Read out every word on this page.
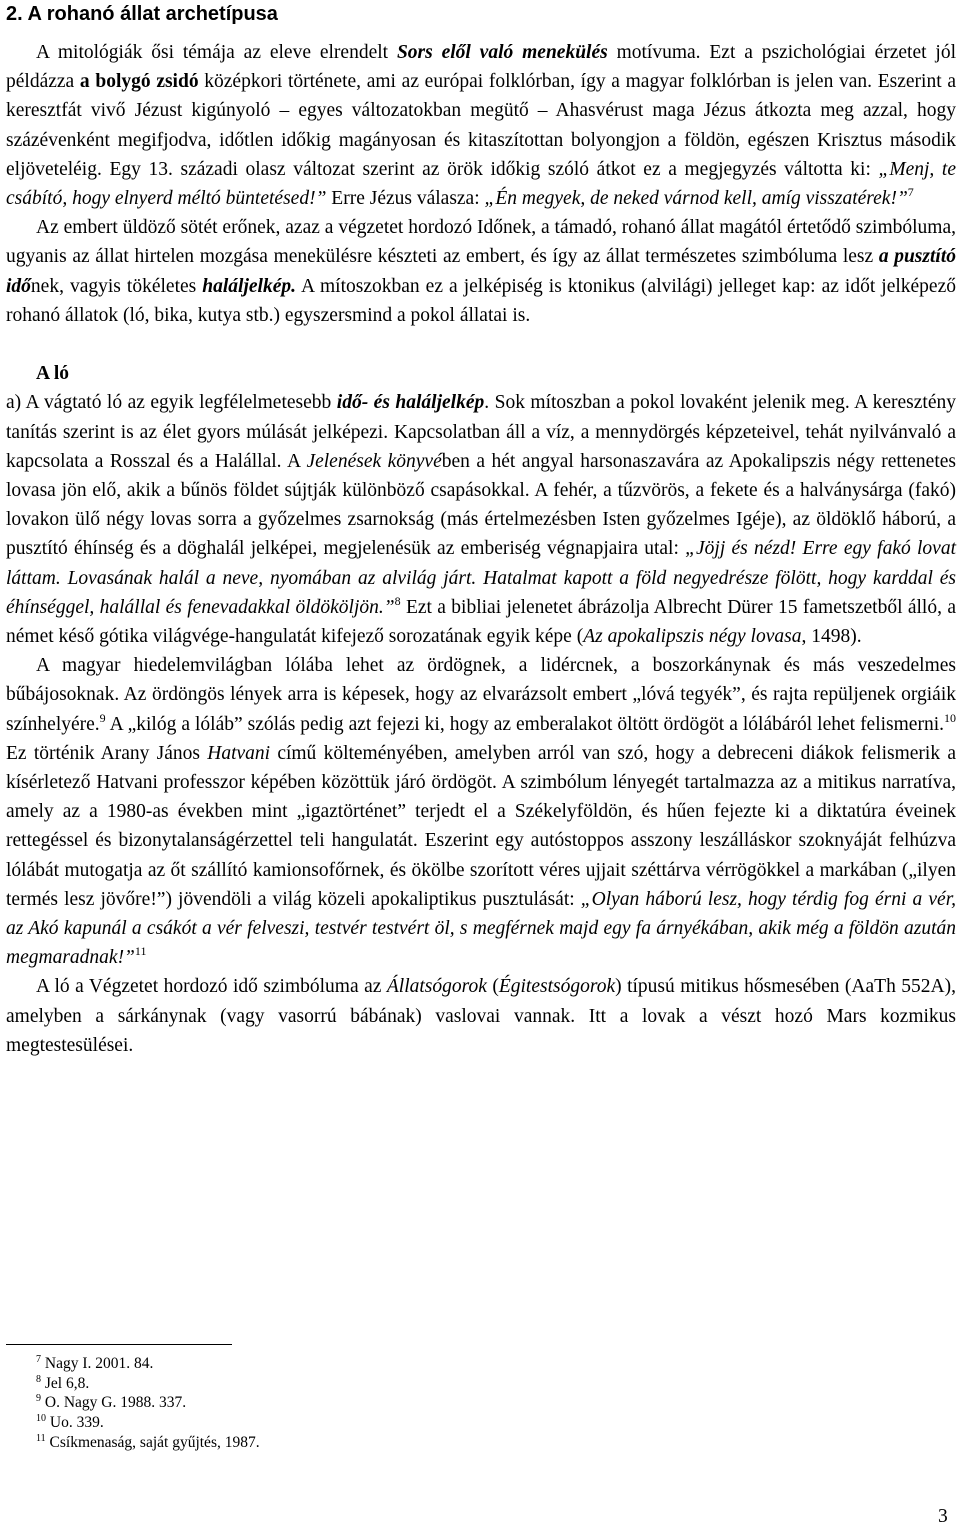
2. A rohanó állat archetípusa

A mitológiák ősi témája az eleve elrendelt Sors elől való menekülés motívuma. Ezt a pszichológiai érzetet jól példázza a bolygó zsidó középkori története, ami az európai folklórban, így a magyar folklórban is jelen van. Eszerint a keresztfát vivő Jézust kigúnyoló – egyes változatokban megütő – Ahasvérust maga Jézus átkozta meg azzal, hogy százévenként megifjodva, időtlen időkig magányosan és kitaszítottan bolyongjon a földön, egészen Krisztus második eljöveteléig. Egy 13. századi olasz változat szerint az örök időkig szóló átkot ez a megjegyzés váltotta ki: „Menj, te csábító, hogy elnyerd méltó büntetésed!” Erre Jézus válasza: „Én megyek, de neked várnod kell, amíg visszatérek!”$^7$

Az embert üldöző sötét erőnek, azaz a végzetet hordozó Időnek, a támadó, rohanó állat magától értetődő szimbóluma, ugyanis az állat hirtelen mozgása menekülésre készteti az embert, és így az állat természetes szimbóluma lesz a pusztító időnek, vagyis tökéletes haláljelkép. A mítoszokban ez a jelképiség is ktonikus (alvilági) jelleget kap: az időt jelképező rohanó állatok (ló, bika, kutya stb.) egyszersmind a pokol állatai is.

A ló

a) A vágtató ló az egyik legfélelmetesebb idő- és haláljelkép. Sok mítoszban a pokol lovaként jelenik meg. A keresztény tanítás szerint is az élet gyors múlását jelképezi. Kapcsolatban áll a víz, a mennydörgés képzeteivel, tehát nyilvánvaló a kapcsolata a Rosszal és a Halállal. A Jelenések könyvében a hét angyal harsonaszavára az Apokalipszis négy rettenetes lovasa jön elő, akik a bűnös földet sújtják különböző csapásokkal. A fehér, a tűzvörös, a fekete és a halványsárga (fakó) lovakon ülő négy lovas sorra a győzelmes zsarnokság (más értelmezésben Isten győzelmes Igéje), az öldöklő háború, a pusztító éhínség és a döghalál jelképei, megjelenésük az emberiség végnapjaira utal: „Jöjj és nézd! Erre egy fakó lovat láttam. Lovasának halál a neve, nyomában az alvilág járt. Hatalmat kapott a föld negyedrésze fölött, hogy karddal és éhínséggel, halállal és fenevadakkal öldököljön.”$^8$ Ezt a bibliai jelenetet ábrázolja Albrecht Dürer 15 fametszetből álló, a német késő gótika világvége-hangulatát kifejező sorozatának egyik képe (Az apokalipszis négy lovasa, 1498).

A magyar hiedelemvilágban lólába lehet az ördögnek, a lidércnek, a boszorkánynak és más veszedelmes bűbájosoknak. Az ördöngös lények arra is képesek, hogy az elvarázsolt embert „lóvá tegyék”, és rajta repüljenek orgiáik színhelyére.$^9$ A „kilóg a lóláb” szólás pedig azt fejezi ki, hogy az emberalakot öltött ördögöt a lólábáról lehet felismerni.$^{10}$ Ez történik Arany János Hatvani című költeményében, amelyben arról van szó, hogy a debreceni diákok felismerik a kísérletező Hatvani professzor képében közöttük járó ördögöt. A szimbólum lényegét tartalmazza az a mitikus narratíva, amely az a 1980-as években mint „igaztörténet” terjedt el a Székelyföldön, és hűen fejezte ki a diktatúra éveinek rettegéssel és bizonytalanságérzettel teli hangulatát. Eszerint egy autóstoppos asszony leszálláskor szoknyáját felhúzva lólábát mutogatja az őt szállító kamionsofőrnek, és ökölbe szorított véres ujjait széttárva vérrögökkel a markában („ilyen termés lesz jövőre!”) jövendöli a világ közeli apokaliptikus pusztulását: „Olyan háború lesz, hogy térdig fog érni a vér, az Akó kapunál a csákót a vér felveszi, testvér testvért öl, s megférnek majd egy fa árnyékában, akik még a földön azután megmaradnak!”$^{11}$

A ló a Végzetet hordozó idő szimbóluma az Állatsógorok (Égitestsógorok) típusú mitikus hősmesében (AaTh 552A), amelyben a sárkánynak (vagy vasorrú bábának) vaslovai vannak. Itt a lovak a vészt hozó Mars kozmikus megtestesülései.

$^7$ Nagy I. 2001. 84.
$^8$ Jel 6,8.
$^9$ O. Nagy G. 1988. 337.
$^{10}$ Uo. 339.
$^{11}$ Csíkmenaság, saját gyűjtés, 1987.
3
